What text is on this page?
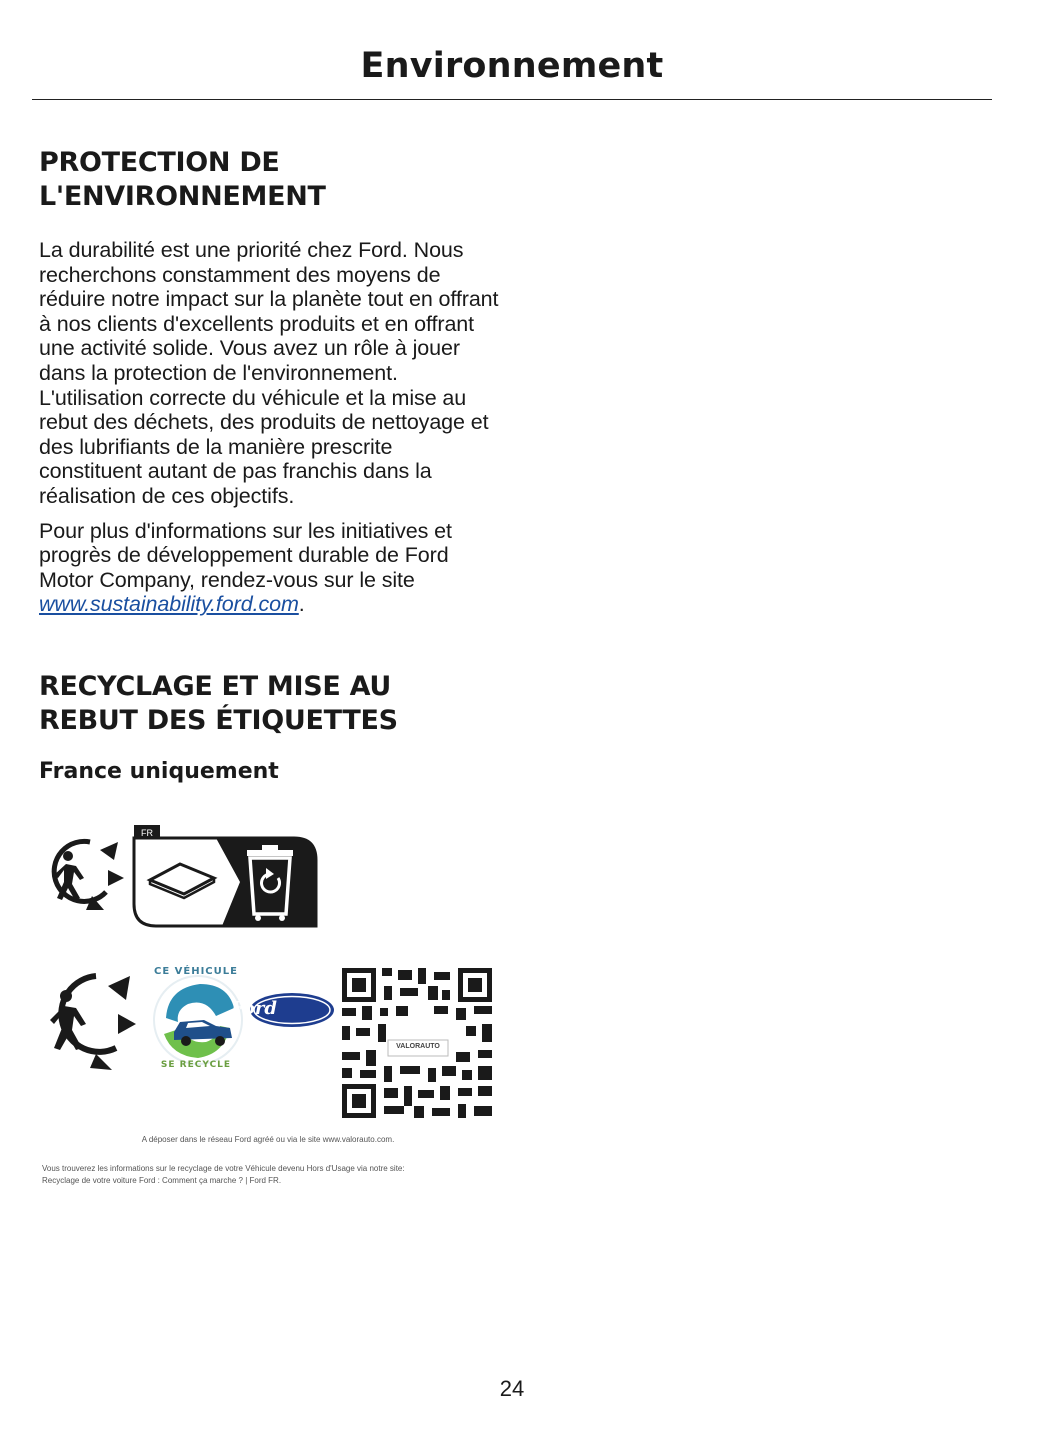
Environnement
PROTECTION DE
L'ENVIRONNEMENT

La durabilité est une priorité chez Ford. Nous recherchons constamment des moyens de réduire notre impact sur la planète tout en offrant à nos clients d'excellents produits et en offrant une activité solide. Vous avez un rôle à jouer dans la protection de l'environnement. L'utilisation correcte du véhicule et la mise au rebut des déchets, des produits de nettoyage et des lubrifiants de la manière prescrite constituent autant de pas franchis dans la réalisation de ces objectifs.

Pour plus d'informations sur les initiatives et progrès de développement durable de Ford Motor Company, rendez-vous sur le site www.sustainability.ford.com.

RECYCLAGE ET MISE AU
REBUT DES ÉTIQUETTES
France uniquement
FR
CE VÉHICULE
SE RECYCLE
Ford
VALORAUTO
A déposer dans le réseau Ford agréé ou via le site www.valorauto.com.
Vous trouverez les informations sur le recyclage de votre Véhicule devenu Hors d'Usage via notre site:
Recyclage de votre voiture Ford : Comment ça marche ? | Ford FR.
24
